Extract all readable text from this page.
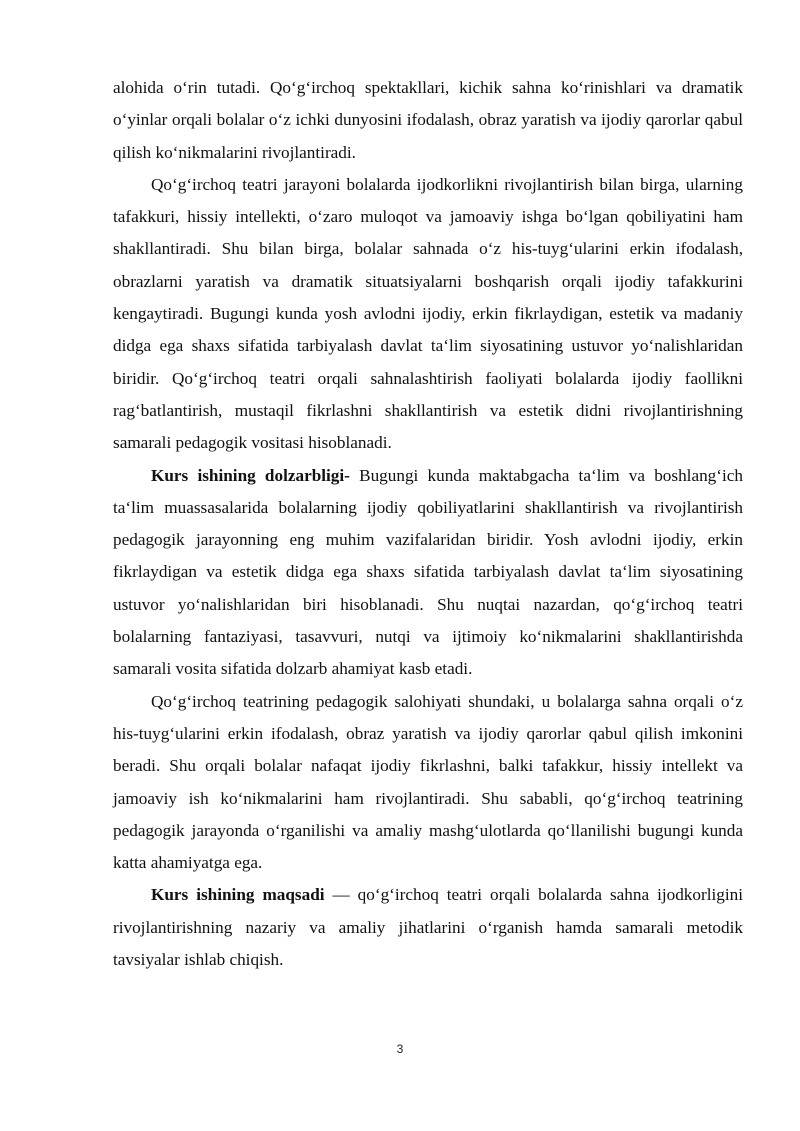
alohida o‘rin tutadi. Qo‘g‘irchoq spektakllari, kichik sahna ko‘rinishlari va dramatik o‘yinlar orqali bolalar o‘z ichki dunyosini ifodalash, obraz yaratish va ijodiy qarorlar qabul qilish ko‘nikmalarini rivojlantiradi.

Qo‘g‘irchoq teatri jarayoni bolalarda ijodkorlikni rivojlantirish bilan birga, ularning tafakkuri, hissiy intellekti, o‘zaro muloqot va jamoaviy ishga bo‘lgan qobiliyatini ham shakllantiradi. Shu bilan birga, bolalar sahnada o‘z his-tuyg‘ularini erkin ifodalash, obrazlarni yaratish va dramatik situatsiyalarni boshqarish orqali ijodiy tafakkurini kengaytiradi. Bugungi kunda yosh avlodni ijodiy, erkin fikrlaydigan, estetik va madaniy didga ega shaxs sifatida tarbiyalash davlat ta‘lim siyosatining ustuvor yo‘nalishlaridan biridir. Qo‘g‘irchoq teatri orqali sahnalashtirish faoliyati bolalarda ijodiy faollikni rag‘batlantirish, mustaqil fikrlashni shakllantirish va estetik didni rivojlantirishning samarali pedagogik vositasi hisoblanadi.

Kurs ishining dolzarbligi- Bugungi kunda maktabgacha ta‘lim va boshlang‘ich ta‘lim muassasalarida bolalarning ijodiy qobiliyatlarini shakllantirish va rivojlantirish pedagogik jarayonning eng muhim vazifalaridan biridir. Yosh avlodni ijodiy, erkin fikrlaydigan va estetik didga ega shaxs sifatida tarbiyalash davlat ta‘lim siyosatining ustuvor yo‘nalishlaridan biri hisoblanadi. Shu nuqtai nazardan, qo‘g‘irchoq teatri bolalarning fantaziyasi, tasavvuri, nutqi va ijtimoiy ko‘nikmalarini shakllantirishda samarali vosita sifatida dolzarb ahamiyat kasb etadi.

Qo‘g‘irchoq teatrining pedagogik salohiyati shundaki, u bolalarga sahna orqali o‘z his-tuyg‘ularini erkin ifodalash, obraz yaratish va ijodiy qarorlar qabul qilish imkonini beradi. Shu orqali bolalar nafaqat ijodiy fikrlashni, balki tafakkur, hissiy intellekt va jamoaviy ish ko‘nikmalarini ham rivojlantiradi. Shu sababli, qo‘g‘irchoq teatrining pedagogik jarayonda o‘rganilishi va amaliy mashg‘ulotlarda qo‘llanilishi bugungi kunda katta ahamiyatga ega.

Kurs ishining maqsadi — qo‘g‘irchoq teatri orqali bolalarda sahna ijodkorligini rivojlantirishning nazariy va amaliy jihatlarini o‘rganish hamda samarali metodik tavsiyalar ishlab chiqish.

3
